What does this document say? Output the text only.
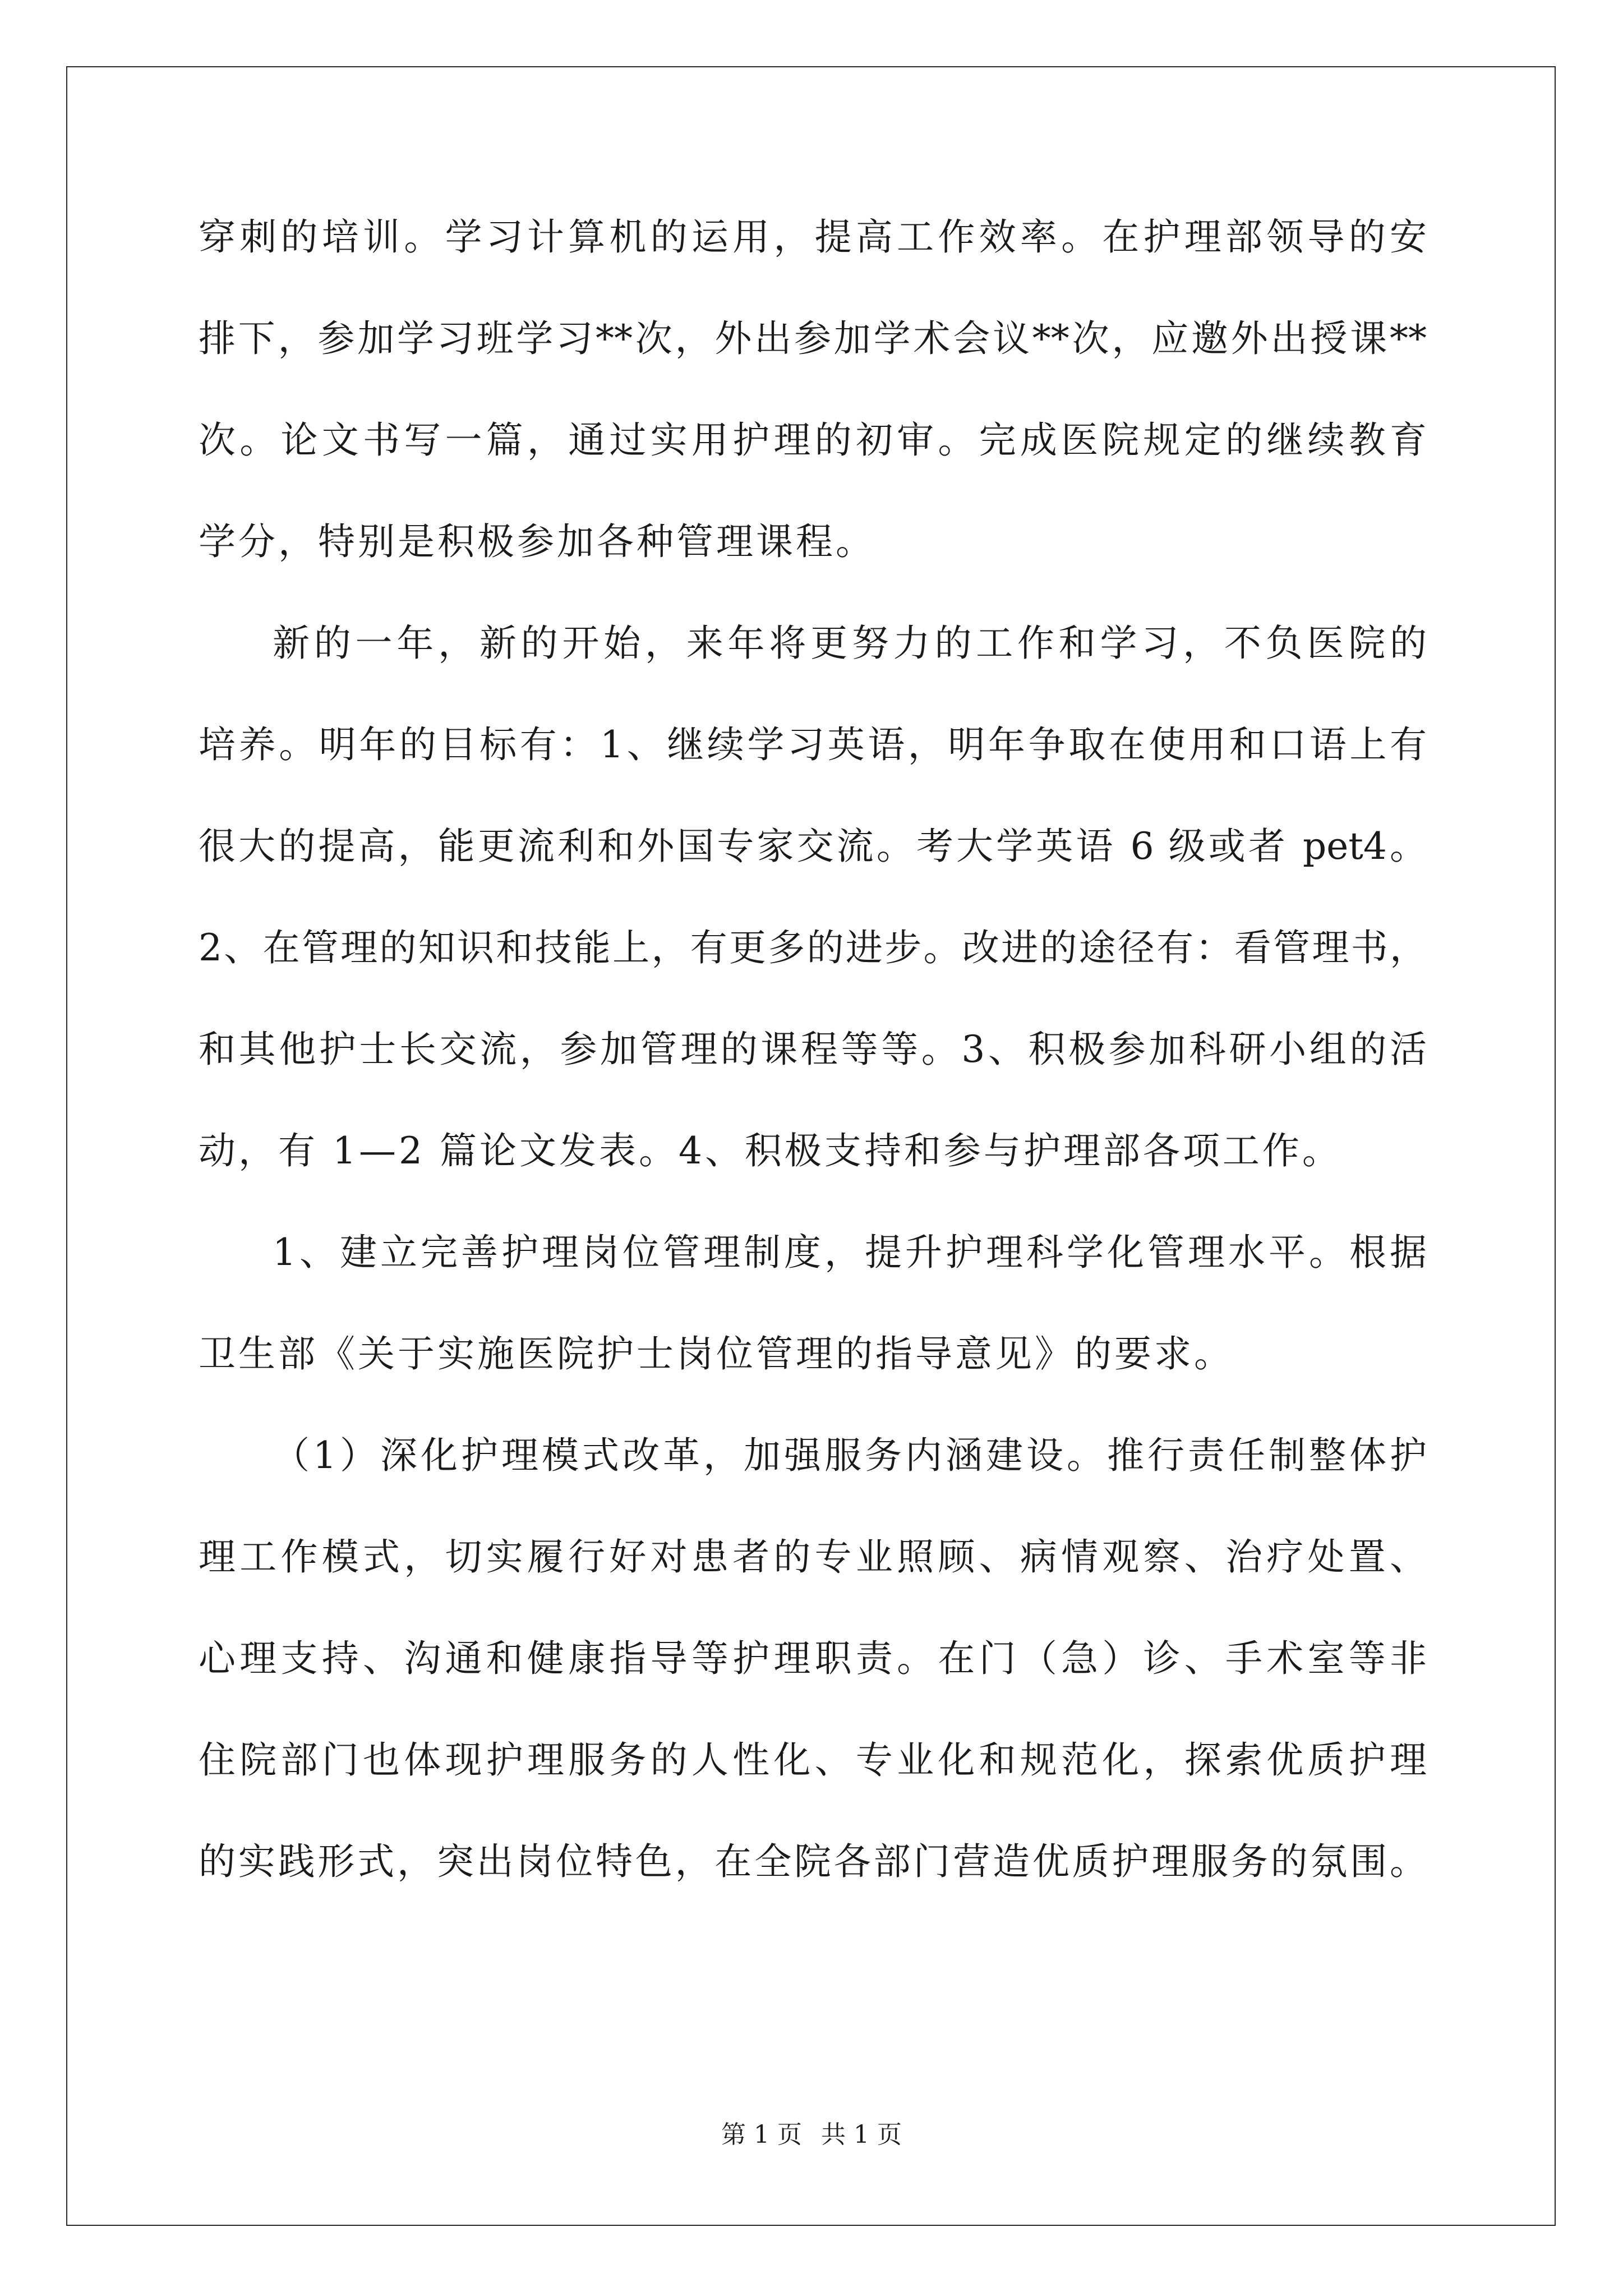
穿刺的培训。学习计算机的运用，提高工作效率。在护理部领导的安
排下，参加学习班学习**次，外出参加学术会议**次，应邀外出授课**
次。论文书写一篇，通过实用护理的初审。完成医院规定的继续教育
学分，特别是积极参加各种管理课程。
新的一年，新的开始，来年将更努力的工作和学习，不负医院的
培养。明年的目标有：1、继续学习英语，明年争取在使用和口语上有
很大的提高，能更流利和外国专家交流。考大学英语 6 级或者 pet4。
2、在管理的知识和技能上，有更多的进步。改进的途径有：看管理书，
和其他护士长交流，参加管理的课程等等。3、积极参加科研小组的活
动，有 1—2 篇论文发表。4、积极支持和参与护理部各项工作。
1、建立完善护理岗位管理制度，提升护理科学化管理水平。根据
卫生部《关于实施医院护士岗位管理的指导意见》的要求。
（1）深化护理模式改革，加强服务内涵建设。推行责任制整体护
理工作模式，切实履行好对患者的专业照顾、病情观察、治疗处置、
心理支持、沟通和健康指导等护理职责。在门（急）诊、手术室等非
住院部门也体现护理服务的人性化、专业化和规范化，探索优质护理
的实践形式，突出岗位特色，在全院各部门营造优质护理服务的氛围。
第 1 页 共 1 页
